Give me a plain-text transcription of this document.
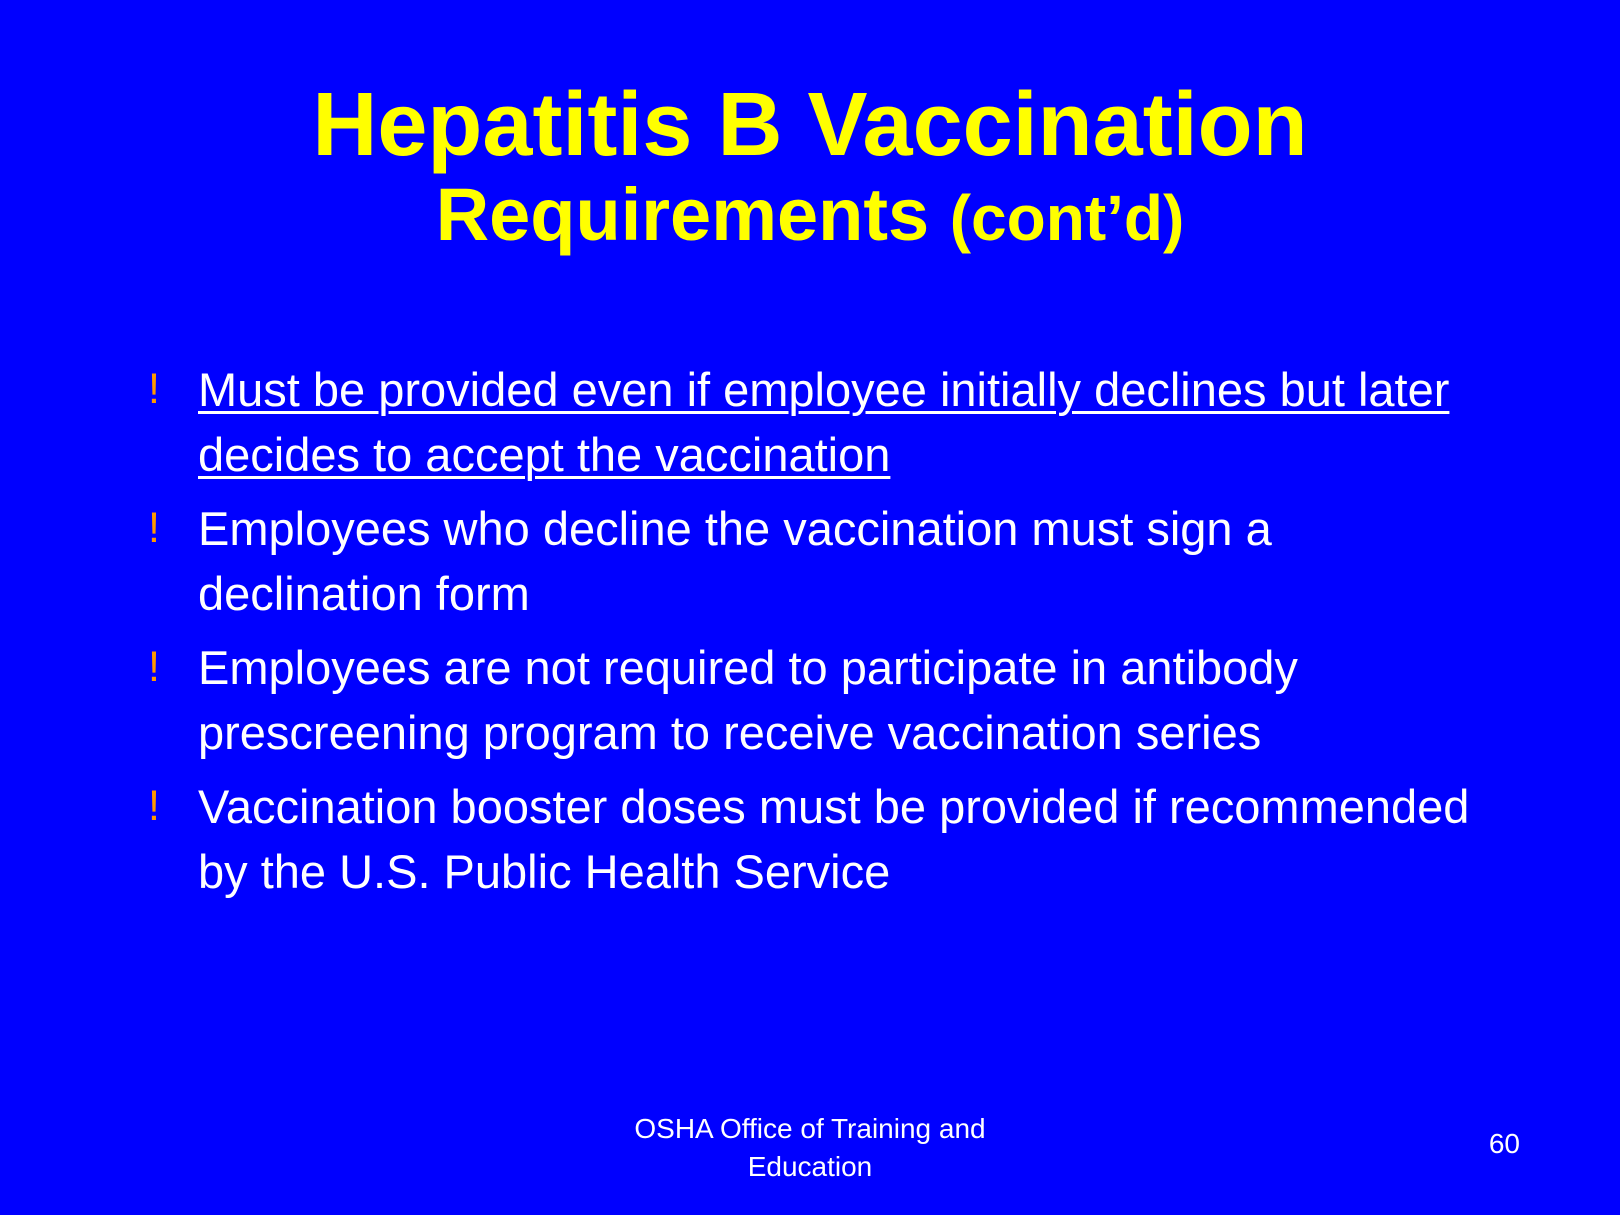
Hepatitis B Vaccination
Requirements (cont’d)
! Must be provided even if employee initially declines but later decides to accept the vaccination
! Employees who decline the vaccination must sign a declination form
! Employees are not required to participate in antibody prescreening program to receive vaccination series
! Vaccination booster doses must be provided if recommended by the U.S. Public Health Service
OSHA Office of Training and
Education
60
